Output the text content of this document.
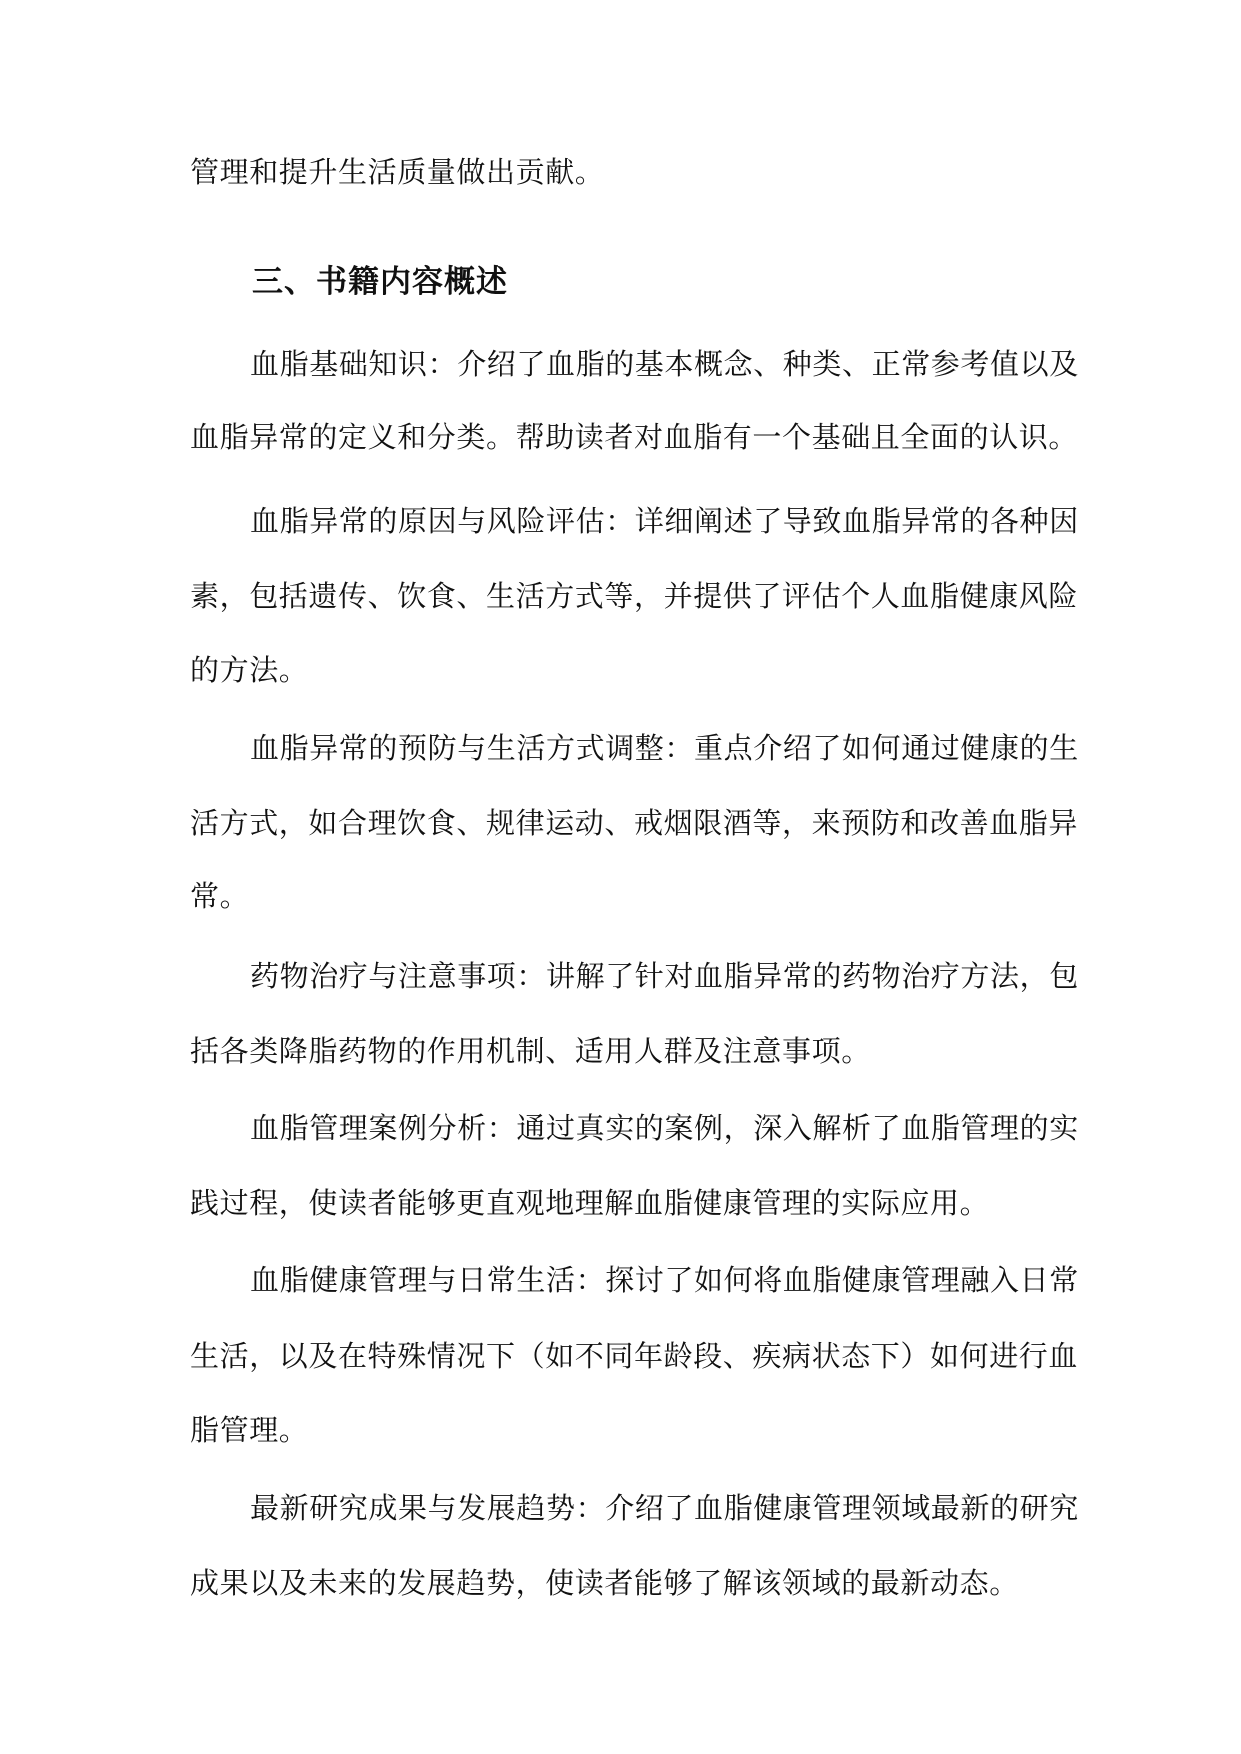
管理和提升生活质量做出贡献。
三、书籍内容概述
血脂基础知识：介绍了血脂的基本概念、种类、正常参考值以及
血脂异常的定义和分类。帮助读者对血脂有一个基础且全面的认识。
血脂异常的原因与风险评估：详细阐述了导致血脂异常的各种因
素，包括遗传、饮食、生活方式等，并提供了评估个人血脂健康风险
的方法。
血脂异常的预防与生活方式调整：重点介绍了如何通过健康的生
活方式，如合理饮食、规律运动、戒烟限酒等，来预防和改善血脂异
常。
药物治疗与注意事项：讲解了针对血脂异常的药物治疗方法，包
括各类降脂药物的作用机制、适用人群及注意事项。
血脂管理案例分析：通过真实的案例，深入解析了血脂管理的实
践过程，使读者能够更直观地理解血脂健康管理的实际应用。
血脂健康管理与日常生活：探讨了如何将血脂健康管理融入日常
生活，以及在特殊情况下（如不同年龄段、疾病状态下）如何进行血
脂管理。
最新研究成果与发展趋势：介绍了血脂健康管理领域最新的研究
成果以及未来的发展趋势，使读者能够了解该领域的最新动态。
